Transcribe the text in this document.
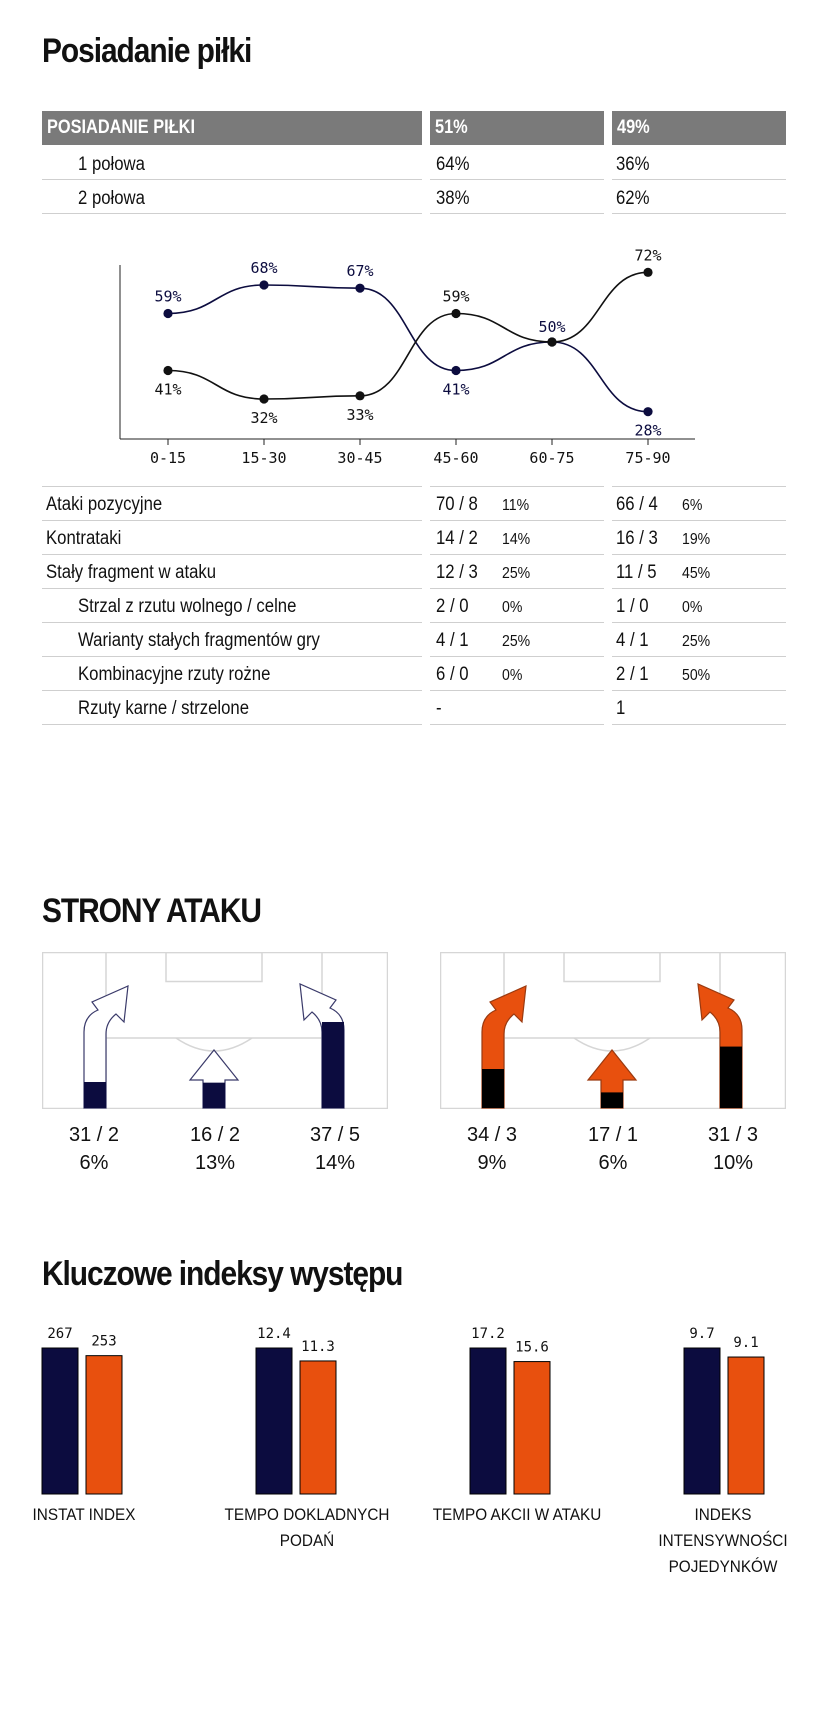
Posiadanie piłki
POSIADANIE PIŁKI	51%	49%
1 połowa	64%	36%
2 połowa	38%	62%
0-15	15-30	30-45	45-60	60-75	75-90
59%
68%	67%
41%
50%
28%
41%
32%	33%
59%
72%
Ataki pozycyjne	70 / 8 11%	66 / 4 6%
Kontrataki	14 / 2 14%	16 / 3 19%
Stały fragment w ataku	12 / 3 25%	11 / 5 45%
Strzal z rzutu wolnego / celne	2 / 0 0%	1 / 0 0%
Warianty stałych fragmentów gry	4 / 1 25%	4 / 1 25%
Kombinacyjne rzuty rożne	6 / 0 0%	2 / 1 50%
Rzuty karne / strzelone	-	1
STRONY ATAKU
31 / 2
6%
16 / 2
13%
37 / 5
14%
34 / 3
9%
17 / 1
6%
31 / 3
10%
Kluczowe indeksy występu
267 253	12.4
11.3
17.2
15.6
9.7
9.1
INSTAT INDEX	TEMPO DOKLADNYCH
PODAŃ
TEMPO AKCII W ATAKU	INDEKS INTENSYWNOŚCI
POJEDYNKÓW
